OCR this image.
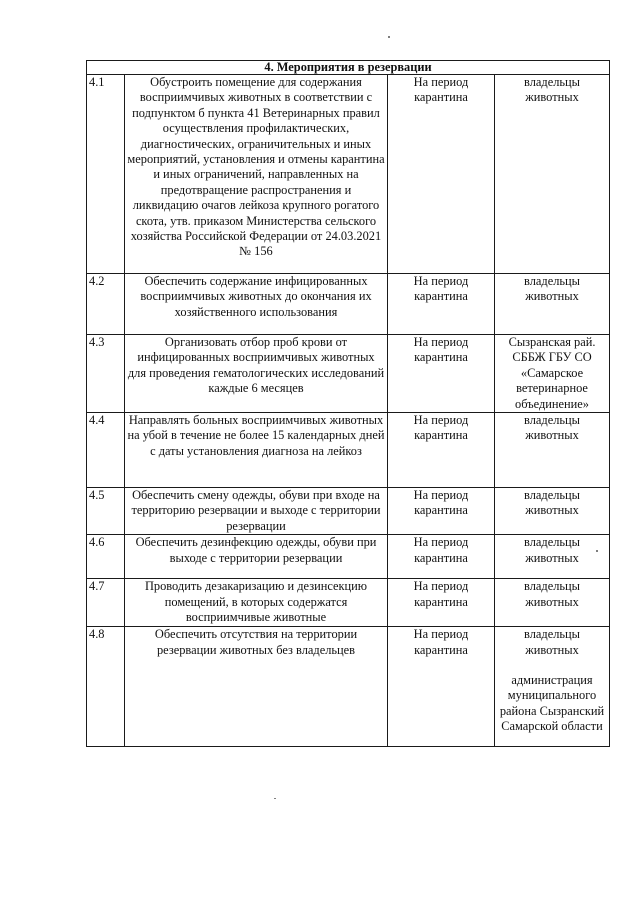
4. Мероприятия в резервации			
4.1	Обустроить помещение для содержания восприимчивых животных в соответствии с подпунктом б пункта 41 Ветеринарных правил осуществления профилактических, диагностических, ограничительных и иных мероприятий, установления и отмены карантина и иных ограничений, направленных на предотвращение распространения и ликвидацию очагов лейкоза крупного рогатого скота, утв. приказом Министерства сельского хозяйства Российской Федерации от 24.03.2021 № 156	На период карантина	владельцы животных
4.2	Обеспечить содержание инфицированных восприимчивых животных до окончания их хозяйственного использования	На период карантина	владельцы животных
4.3	Организовать отбор проб крови от инфицированных восприимчивых животных для проведения гематологических исследований каждые 6 месяцев	На период карантина	Сызранская рай. СББЖ ГБУ СО «Самарское ветеринарное объединение»
4.4	Направлять больных восприимчивых животных на убой в течение не более 15 календарных дней с даты установления диагноза на лейкоз	На период карантина	владельцы животных
4.5	Обеспечить смену одежды, обуви при входе на территорию резервации и выходе с территории резервации	На период карантина	владельцы животных
4.6	Обеспечить дезинфекцию одежды, обуви при выходе с территории резервации	На период карантина	владельцы животных
4.7	Проводить дезакаризацию и дезинсекцию помещений, в которых содержатся восприимчивые животные	На период карантина	владельцы животных
4.8	Обеспечить отсутствия на территории резервации животных без владельцев	На период карантина	владельцы животных
администрация муниципального района Сызранский Самарской области
